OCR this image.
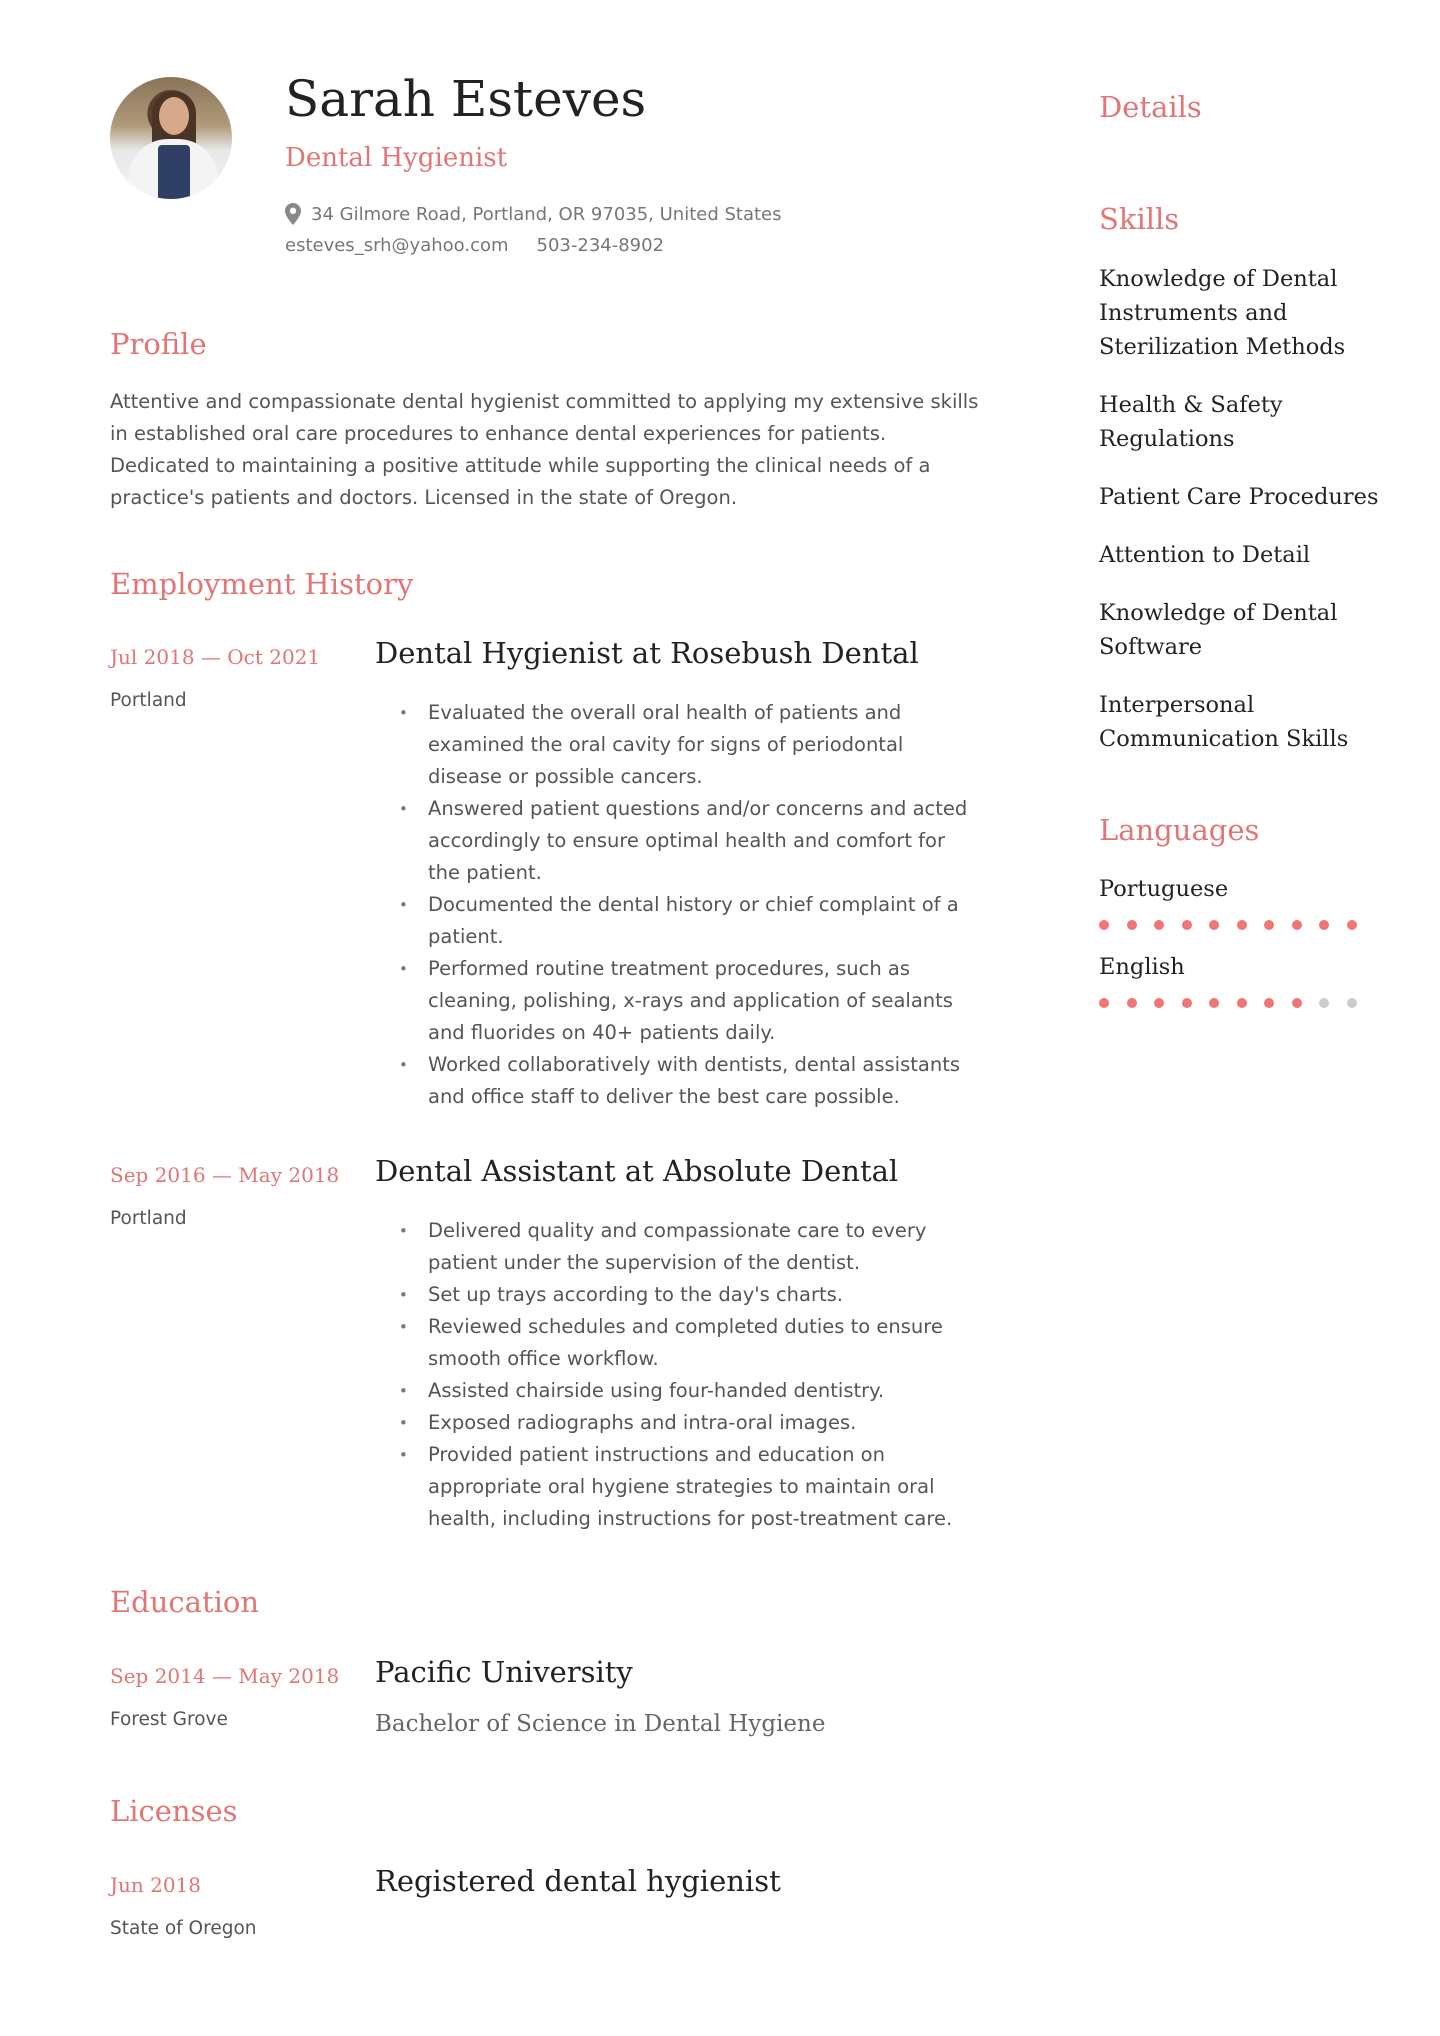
Sarah Esteves
Dental Hygienist
34 Gilmore Road, Portland, OR 97035, United States
esteves_srh@yahoo.com 503-234-8902
Profile

Attentive and compassionate dental hygienist committed to applying my extensive skills in established oral care procedures to enhance dental experiences for patients. Dedicated to maintaining a positive attitude while supporting the clinical needs of a practice's patients and doctors. Licensed in the state of Oregon.

Employment History
Jul 2018 — Oct 2021
Portland
Dental Hygienist at Rosebush Dental
• Evaluated the overall oral health of patients and examined the oral cavity for signs of periodontal disease or possible cancers.
• Answered patient questions and/or concerns and acted accordingly to ensure optimal health and comfort for the patient.
• Documented the dental history or chief complaint of a patient.
• Performed routine treatment procedures, such as cleaning, polishing, x-rays and application of sealants and fluorides on 40+ patients daily.
• Worked collaboratively with dentists, dental assistants and office staff to deliver the best care possible.
Sep 2016 — May 2018
Portland
Dental Assistant at Absolute Dental
• Delivered quality and compassionate care to every patient under the supervision of the dentist.
• Set up trays according to the day's charts.
• Reviewed schedules and completed duties to ensure smooth office workflow.
• Assisted chairside using four-handed dentistry.
• Exposed radiographs and intra-oral images.
• Provided patient instructions and education on appropriate oral hygiene strategies to maintain oral health, including instructions for post-treatment care.
Education
Sep 2014 — May 2018
Forest Grove
Pacific University
Bachelor of Science in Dental Hygiene
Licenses
Jun 2018
State of Oregon
Registered dental hygienist
Details
Skills
Knowledge of Dental Instruments and Sterilization Methods
Health & Safety Regulations
Patient Care Procedures
Attention to Detail
Knowledge of Dental Software
Interpersonal Communication Skills
Languages
Portuguese
English
